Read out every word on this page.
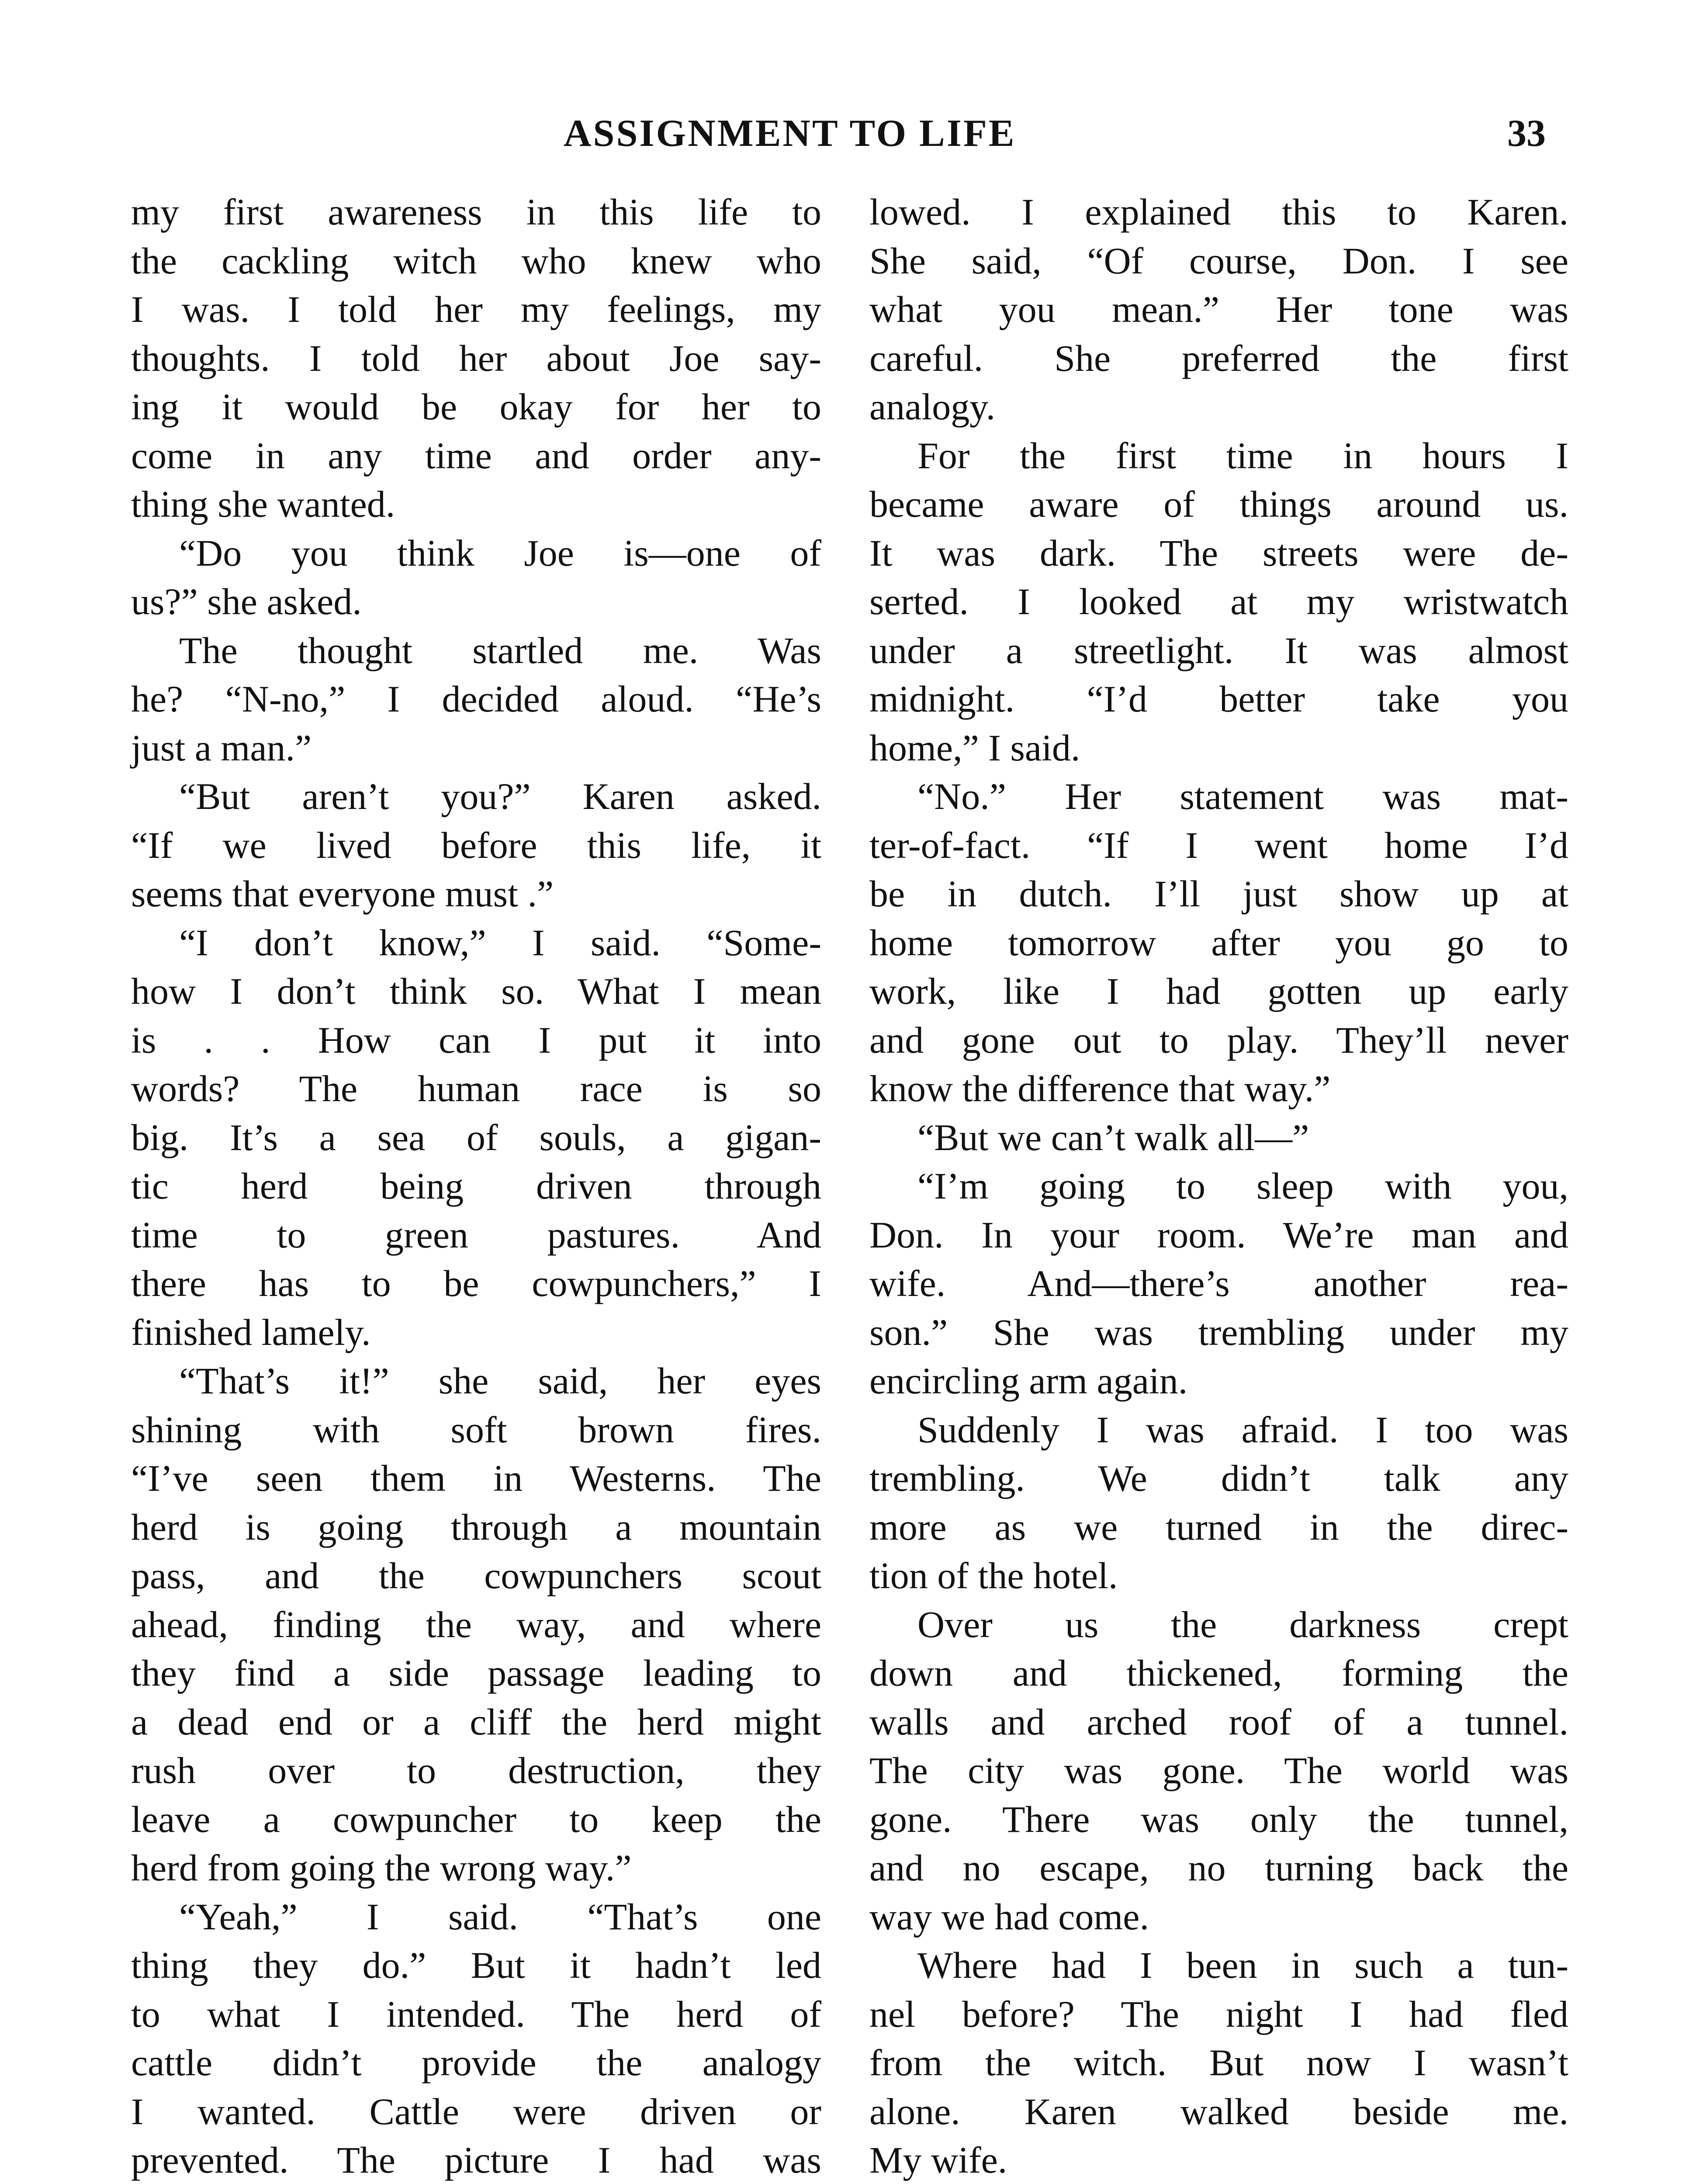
ASSIGNMENT TO LIFE	33
my first awareness in this life to
the cackling witch who knew who
I was. I told her my feelings, my
thoughts. I told her about Joe say-
ing it would be okay for her to
come in any time and order any-
thing she wanted.
“Do you think Joe is—one of
us?” she asked.
The thought startled me. Was
he? “N-no,” I decided aloud. “He’s
just a man.”
“But aren’t you?” Karen asked.
“If we lived before this life, it
seems that everyone must .”
“I don’t know,” I said. “Some-
how I don’t think so. What I mean
is . . How can I put it into
words? The human race is so
big. It’s a sea of souls, a gigan-
tic herd being driven through
time to green pastures. And
there has to be cowpunchers,” I
finished lamely.
“That’s it!” she said, her eyes
shining with soft brown fires.
“I’ve seen them in Westerns. The
herd is going through a mountain
pass, and the cowpunchers scout
ahead, finding the way, and where
they find a side passage leading to
a dead end or a cliff the herd might
rush over to destruction, they
leave a cowpuncher to keep the
herd from going the wrong way.”
“Yeah,” I said. “That’s one
thing they do.” But it hadn’t led
to what I intended. The herd of
cattle didn’t provide the analogy
I wanted. Cattle were driven or
prevented. The picture I had was
lowed. I explained this to Karen.
She said, “Of course, Don. I see
what you mean.” Her tone was
careful. She preferred the first
analogy.
For the first time in hours I
became aware of things around us.
It was dark. The streets were de-
serted. I looked at my wristwatch
under a streetlight. It was almost
midnight. “I’d better take you
home,” I said.
“No.” Her statement was mat-
ter-of-fact. “If I went home I’d
be in dutch. I’ll just show up at
home tomorrow after you go to
work, like I had gotten up early
and gone out to play. They’ll never
know the difference that way.”
“But we can’t walk all—”
“I’m going to sleep with you,
Don. In your room. We’re man and
wife. And—there’s another rea-
son.” She was trembling under my
encircling arm again.
Suddenly I was afraid. I too was
trembling. We didn’t talk any
more as we turned in the direc-
tion of the hotel.
Over us the darkness crept
down and thickened, forming the
walls and arched roof of a tunnel.
The city was gone. The world was
gone. There was only the tunnel,
and no escape, no turning back the
way we had come.
Where had I been in such a tun-
nel before? The night I had fled
from the witch. But now I wasn’t
alone. Karen walked beside me.
My wife.
